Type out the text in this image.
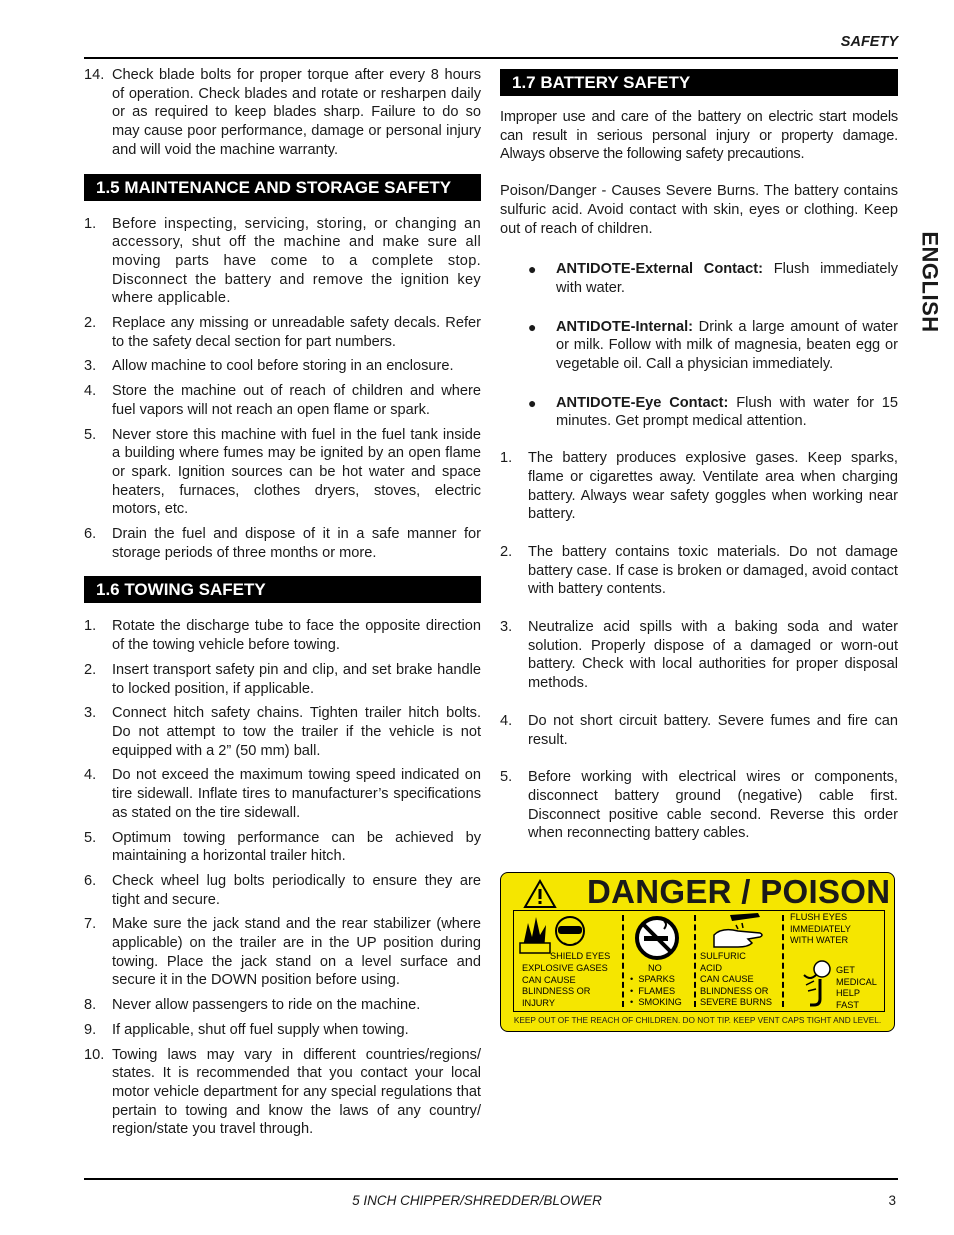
SAFETY
ENGLISH
14. Check blade bolts for proper torque after every 8 hours of operation. Check blades and rotate or resharpen daily or as required to keep blades sharp. Failure to do so may cause poor performance, damage or personal injury and will void the machine warranty.
1.5 MAINTENANCE AND STORAGE SAFETY
1.	Before inspecting, servicing, storing, or changing an accessory, shut off the machine and make sure all moving parts have come to a complete stop. Disconnect the battery and remove the ignition key where applicable.
2.	Replace any missing or unreadable safety decals. Refer to the safety decal section for part numbers.
3.	Allow machine to cool before storing in an enclosure.
4.	Store the machine out of reach of children and where fuel vapors will not reach an open flame or spark.
5.	Never store this machine with fuel in the fuel tank inside a building where fumes may be ignited by an open flame or spark. Ignition sources can be hot water and space heaters, furnaces, clothes dryers, stoves, electric motors, etc.
6.	Drain the fuel and dispose of it in a safe manner for storage periods of three months or more.
1.6 TOWING SAFETY
1.	Rotate the discharge tube to face the opposite direction of the towing vehicle before towing.
2.	Insert transport safety pin and clip, and set brake handle to locked position, if applicable.
3.	Connect hitch safety chains. Tighten trailer hitch bolts. Do not attempt to tow the trailer if the vehicle is not equipped with a 2” (50 mm) ball.
4.	Do not exceed the maximum towing speed indicated on tire sidewall. Inflate tires to manufacturer’s specifications as stated on the tire sidewall.
5.	Optimum towing performance can be achieved by maintaining a horizontal trailer hitch.
6.	Check wheel lug bolts periodically to ensure they are tight and secure.
7.	Make sure the jack stand and the rear stabilizer (where applicable) on the trailer are in the UP position during towing. Place the jack stand on a level surface and secure it in the DOWN position before using.
8.	Never allow passengers to ride on the machine.
9.	If applicable, shut off fuel supply when towing.
10. Towing laws may vary in different countries/regions/ states. It is recommended that you contact your local motor vehicle department for any special regulations that pertain to towing and know the laws of any country/ region/state you travel through.
1.7 BATTERY SAFETY

Improper use and care of the battery on electric start models can result in serious personal injury or property damage. Always observe the following safety precautions.

Poison/Danger - Causes Severe Burns. The battery contains sulfuric acid. Avoid contact with skin, eyes or clothing. Keep out of reach of children.

●	ANTIDOTE-External Contact: Flush immediately with water.
●	ANTIDOTE-Internal: Drink a large amount of water or milk. Follow with milk of magnesia, beaten egg or vegetable oil. Call a physician immediately.
●	ANTIDOTE-Eye Contact: Flush with water for 15 minutes. Get prompt medical attention.
1.	The battery produces explosive gases. Keep sparks, flame or cigarettes away. Ventilate area when charging battery. Always wear safety goggles when working near battery.
2.	The battery contains toxic materials. Do not damage battery case. If case is broken or damaged, avoid contact with battery contents.
3.	Neutralize acid spills with a baking soda and water solution. Properly dispose of a damaged or worn-out battery. Check with local authorities for proper disposal methods.
4.	Do not short circuit battery. Severe fumes and fire can result.
5.	Before working with electrical wires or components, disconnect battery ground (negative) cable first. Disconnect positive cable second. Reverse this order when reconnecting battery cables.
DANGER / POISON
SHIELD EYES
EXPLOSIVE GASES
CAN CAUSE
BLINDNESS OR
INJURY
NO
•  SPARKS
•  FLAMES
•  SMOKING
SULFURIC
ACID
CAN CAUSE
BLINDNESS OR
SEVERE BURNS
FLUSH EYES
IMMEDIATELY
WITH WATER
GET
MEDICAL
HELP
FAST
KEEP OUT OF THE REACH OF CHILDREN. DO NOT TIP. KEEP VENT CAPS TIGHT AND LEVEL.
5 INCH CHIPPER/SHREDDER/BLOWER	3
